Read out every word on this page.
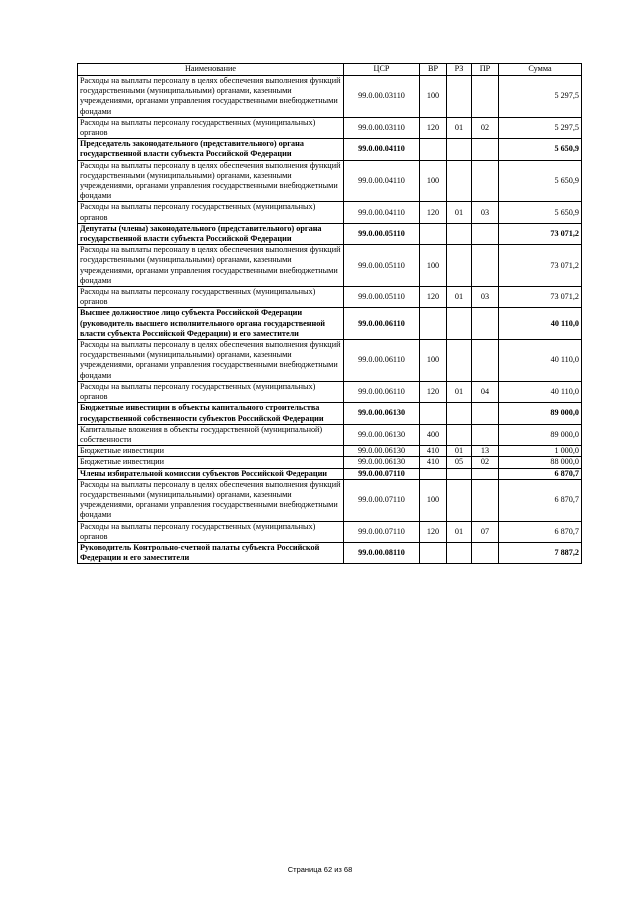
Наименование	ЦСР	ВР	РЗ	ПР	Сумма
Расходы на выплаты персоналу в целях обеспечения выполнения функций государственными (муниципальными) органами, казенными учреждениями, органами управления государственными внебюджетными фондами	99.0.00.03110	100			5 297,5
Расходы на выплаты персоналу государственных (муниципальных) органов	99.0.00.03110	120	01	02	5 297,5
Председатель законодательного (представительного) органа государственной власти субъекта Российской Федерации	99.0.00.04110				5 650,9
Расходы на выплаты персоналу в целях обеспечения выполнения функций государственными (муниципальными) органами, казенными учреждениями, органами управления государственными внебюджетными фондами	99.0.00.04110	100			5 650,9
Расходы на выплаты персоналу государственных (муниципальных) органов	99.0.00.04110	120	01	03	5 650,9
Депутаты (члены) законодательного (представительного) органа государственной власти субъекта Российской Федерации	99.0.00.05110				73 071,2
Расходы на выплаты персоналу в целях обеспечения выполнения функций государственными (муниципальными) органами, казенными учреждениями, органами управления государственными внебюджетными фондами	99.0.00.05110	100			73 071,2
Расходы на выплаты персоналу государственных (муниципальных) органов	99.0.00.05110	120	01	03	73 071,2
Высшее должностное лицо субъекта Российской Федерации (руководитель высшего исполнительного органа государственной власти субъекта Российской Федерации) и его заместители	99.0.00.06110				40 110,0
Расходы на выплаты персоналу в целях обеспечения выполнения функций государственными (муниципальными) органами, казенными учреждениями, органами управления государственными внебюджетными фондами	99.0.00.06110	100			40 110,0
Расходы на выплаты персоналу государственных (муниципальных) органов	99.0.00.06110	120	01	04	40 110,0
Бюджетные инвестиции в объекты капитального строительства государственной собственности субъектов Российской Федерации	99.0.00.06130				89 000,0
Капитальные вложения в объекты государственной (муниципальной) собственности	99.0.00.06130	400			89 000,0
Бюджетные инвестиции	99.0.00.06130	410	01	13	1 000,0
Бюджетные инвестиции	99.0.00.06130	410	05	02	88 000,0
Члены избирательной комиссии субъектов Российской Федерации	99.0.00.07110				6 870,7
Расходы на выплаты персоналу в целях обеспечения выполнения функций государственными (муниципальными) органами, казенными учреждениями, органами управления государственными внебюджетными фондами	99.0.00.07110	100			6 870,7
Расходы на выплаты персоналу государственных (муниципальных) органов	99.0.00.07110	120	01	07	6 870,7
Руководитель Контрольно-счетной палаты субъекта Российской Федерации и его заместители	99.0.00.08110				7 887,2
Страница 62 из 68
